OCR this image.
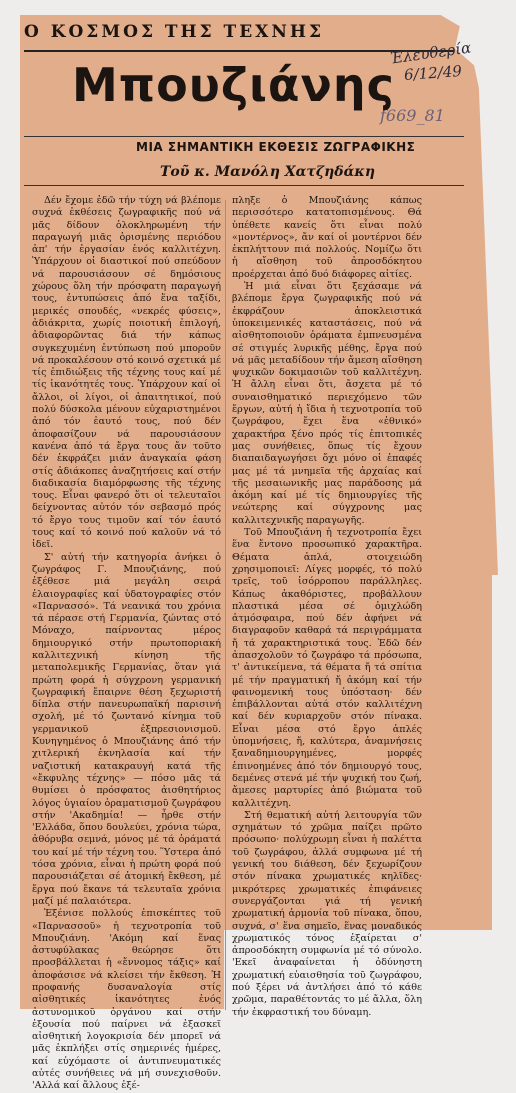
Ο ΚΟΣΜΟΣ ΤΗΣ ΤΕΧΝΗΣ
Ἐλευθερία
6/12/49
f669_81
Μπουζιάνης
ΜΙΑ ΣΗΜΑΝΤΙΚΗ ΕΚΘΕΣΙΣ ΖΩΓΡΑΦΙΚΗΣ
Τοῦ κ. Μανόλη Χατζηδάκη

Δέν ἔχομε ἐδῶ τήν τύχη νά βλέπομε συχνά ἐκθέσεις ζωγραφικῆς πού νά μᾶς δίδουν ὁλοκληρωμένη τήν παραγωγή μιᾶς ὁρισμένης περιόδου ἀπ' τήν ἐργασίαν ἑνός καλλιτέχνη. Ὑπάρχουν οἱ διαστικοί πού σπεύδουν νά παρουσιάσουν σέ δημόσιους χώρους ὅλη τήν πρόσφατη παραγωγή τους, ἐντυπώσεις ἀπό ἕνα ταξίδι, μερικές σπουδές, «νεκρές φύσεις», ἀδιάκριτα, χωρίς ποιοτική ἐπιλογή, ἀδιαφορῶντας διά τήν κάπως συγκεχυμένη ἐντύπωση πού μποροῦν νά προκαλέσουν στό κοινό σχετικά μέ τίς ἐπιδιώξεις τῆς τέχνης τους καί μέ τίς ἱκανότητές τους. Ὑπάρχουν καί οἱ ἄλλοι, οἱ λίγοι, οἱ ἀπαιτητικοί, πού πολύ δύσκολα μένουν εὐχαριστημένοι ἀπό τόν ἑαυτό τους, πού δέν ἀποφασίζουν νά παρουσιάσουν κανένα ἀπό τά ἔργα τους ἄν τοῦτο δέν ἐκφράζει μιάν ἀναγκαία φάση στίς ἀδιάκοπες ἀναζητήσεις καί στήν διαδικασία διαμόρφωσης τῆς τέχνης τους. Εἶναι φανερό ὅτι οἱ τελευταῖοι δείχνοντας αὐτόν τόν σεβασμό πρός τό ἔργο τους τιμοῦν καί τόν ἑαυτό τους καί τό κοινό πού καλοῦν νά τό ἰδεῖ.

Σ' αὐτή τήν κατηγορία ἀνήκει ὁ ζωγράφος Γ. Μπουζιάνης, πού ἐξέθεσε μιά μεγάλη σειρά ἐλαιογραφίες καί ὑδατογραφίες στόν «Παρνασσό». Τά νεανικά του χρόνια τά πέρασε στή Γερμανία, ζώντας στό Μόναχο, παίρνοντας μέρος δημιουργικό στήν πρωτοποριακή καλλιτεχνική κίνηση τῆς μεταπολεμικῆς Γερμανίας, ὅταν γιά πρώτη φορά ἡ σύγχρονη γερμανική ζωγραφική ἔπαιρνε θέση ξεχωριστή δίπλα στήν πανευρωπαϊκή παρισινή σχολή, μέ τό ζωντανό κίνημα τοῦ γερμανικοῦ ἐξπρεσιονισμοῦ. Κυνηγημένος ὁ Μπουζιάνης ἀπό τήν χιτλερική ἐκνηλασία καί τήν ναζιστική κατακραυγή κατά τῆς «ἔκφυλης τέχνης» — πόσο μᾶς τά θυμίσει ὁ πρόσφατος ἀισθητήριος λόγος ὑγιαίου ὁραματισμοῦ ζωγράφου στήν 'Ακαδημία! — ἦρθε στήν 'Ελλάδα, ὅπου δουλεύει, χρόνια τώρα, ἀθόρυβα σεμνά, μόνος μέ τά ὁράματά του καί μέ τήν τέχνη του. Ὕστερα ἀπό τόσα χρόνια, εἶναι ἡ πρώτη φορά πού παρουσιάζεται σέ ἀτομική ἔκθεση, μέ ἔργα πού ἔκανε τά τελευταῖα χρόνια μαζί μέ παλαιότερα.

Ἐξένισε πολλούς ἐπισκέπτες τοῦ «Παρνασσοῦ» ἡ τεχνοτροπία τοῦ Μπουζιάνη. 'Ακόμη καί ἕνας ἀστυφύλακας θεώρησε ὅτι προσβάλλεται ἡ «ἔννομος τάξις» καί ἀποφάσισε νά κλείσει τήν ἔκθεση. Ἡ προφανής δυσαναλογία στίς αἰσθητικές ἱκανότητες ἑνός ἀστυνομικοῦ ὀργάνου καί στήν ἐξουσία πού παίρνει νά ἐξασκεῖ αἰσθητική λογοκρισία δέν μπορεῖ νά μᾶς ἐκπλήξει στίς σημερινές ἡμέρες, καί εὐχόμαστε οἱ ἀντιπνευματικές αὐτές συνήθειες νά μή συνεχισθοῦν. 'Αλλά καί ἄλλους ἐξέ-

πληξε ὁ Μπουζιάνης κάπως περισσότερο κατατοπισμένους. Θά ὑπέθετε κανείς ὅτι εἶναι πολύ «μοντέρνος», ἄν καί οἱ μοντέρνοι δέν ἐκπλήττουν πιά πολλούς. Νομίζω ὅτι ἡ αἴσθηση τοῦ ἀπροσδόκητου προέρχεται ἀπό δυό διάφορες αἰτίες.

Ἡ μιά εἶναι ὅτι ξεχάσαμε νά βλέπομε ἔργα ζωγραφικῆς πού νά ἐκφράζουν ἀποκλειστικά ὑποκειμενικές καταστάσεις, πού νά αἰσθητοποιοῦν ὁράματα ἐμπνευσμένα σέ στιγμές λυρικῆς μέθης, ἔργα πού νά μᾶς μεταδίδουν τήν ἄμεση αἴσθηση ψυχικῶν δοκιμασιῶν τοῦ καλλιτέχνη. Ἡ ἄλλη εἶναι ὅτι, ἄσχετα μέ τό συναισθηματικό περιεχόμενο τῶν ἔργων, αὐτή ἡ ἴδια ἡ τεχνοτροπία τοῦ ζωγράφου, ἔχει ἕνα «ἐθνικό» χαρακτήρα ξένο πρός τίς ἐπιτοπικές μας συνήθειες, ὅπως τίς ἔχουν διαπαιδαγωγήσει ὄχι μόνο οἱ ἐπαφές μας μέ τά μνημεῖα τῆς ἀρχαίας καί τῆς μεσαιωνικῆς μας παράδοσης μά ἀκόμη καί μέ τίς δημιουργίες τῆς νεώτερης καί σύγχρονης μας καλλιτεχνικῆς παραγωγῆς.

Τοῦ Μπουζιάνη ἡ τεχνοτροπία ἔχει ἕνα ἔντονο προσωπικό χαρακτῆρα. Θέματα ἁπλά, στοιχειώδη χρησιμοποιεῖ: Λίγες μορφές, τό πολύ τρεῖς, τοῦ ἰσόρροπου παράλληλες. Κάπως ἀκαθόριστες, προβάλλουν πλαστικά μέσα σέ ὁμιχλώδη ἀτμόσφαιρα, πού δέν ἀφήνει νά διαγραφοῦν καθαρά τά περιγράμματα ἤ τά χαρακτηριστικά τους. Ἐδῶ δέν ἀπασχολοῦν τό ζωγράφο τά πρόσωπα, τ' ἀντικείμενα, τά θέματα ἤ τά σπίτια μέ τήν πραγματική ἤ ἀκόμη καί τήν φαινομενική τους ὑπόσταση· δέν ἐπιβάλλονται αὐτά στόν καλλιτέχνη καί δέν κυριαρχοῦν στόν πίνακα. Εἶναι μέσα στό ἔργο ἁπλές ὑπομνήσεις, ἤ, καλύτερα, ἀναμνήσεις ξαναδημιουργημένες, μορφές ἐπινοημένες ἀπό τόν δημιουργό τους, δεμένες στενά μέ τήν ψυχική του ζωή, ἄμεσες μαρτυρίες ἀπό βιώματα τοῦ καλλιτέχνη.

Στή θεματική αὐτή λειτουργία τῶν σχημάτων τό χρῶμα παίζει πρῶτο πρόσωπο· πολύχρωμη εἶναι ἡ παλέττα τοῦ ζωγράφου, ἀλλά συμφωνα μέ τή γενική του διάθεση, δέν ξεχωρίζουν στόν πίνακα χρωματικές κηλῖδες· μικρότερες χρωματικές ἐπιφάνειες συνεργάζονται γιά τή γενική χρωματική ἁρμονία τοῦ πίνακα, ὅπου, συχνά, σ' ἕνα σημεῖο, ἕνας μοναδικός χρωματικός τόνος ἐξαίρεται σ' ἀπροσδόκητη συμφωνία μέ τό σύνολο. 'Εκεῖ ἀναφαίνεται ἡ ὀδύνηστη χρωματική εὐαισθησία τοῦ ζωγράφου, πού ξέρει νά ἀντλήσει ἀπό τό κάθε χρῶμα, παραθέτοντάς το μέ ἄλλα, ὅλη τήν ἐκφραστική του δύναμη.
